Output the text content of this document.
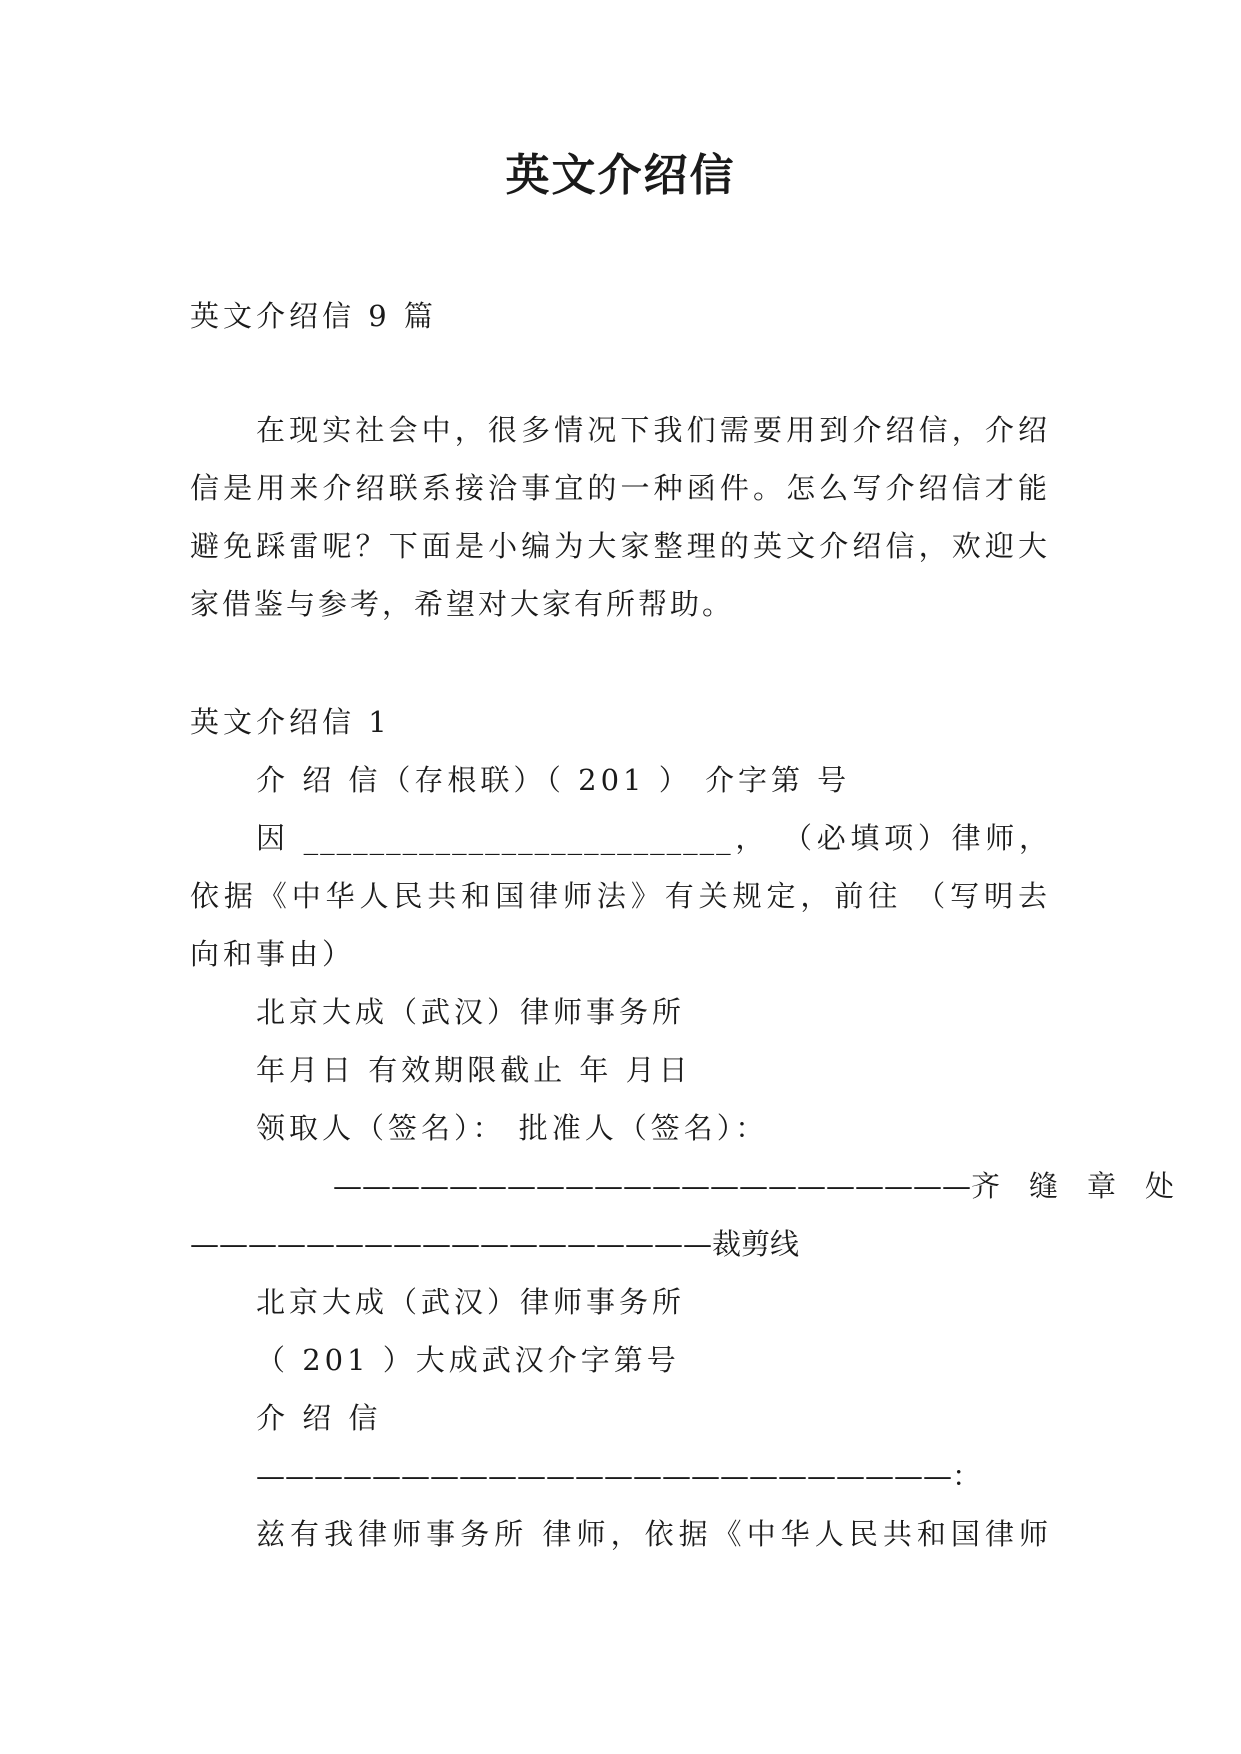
英文介绍信

英文介绍信 9 篇

在现实社会中，很多情况下我们需要用到介绍信，介绍

信是用来介绍联系接洽事宜的一种函件。怎么写介绍信才能

避免踩雷呢？下面是小编为大家整理的英文介绍信，欢迎大

家借鉴与参考，希望对大家有所帮助。

英文介绍信 1

介 绍 信（存根联）（ 201 ） 介字第 号

因 __________________________， （必填项）律师，

依据《中华人民共和国律师法》有关规定，前往 （写明去

向和事由）

北京大成（武汉）律师事务所

年月日 有效期限截止 年 月日

领取人（签名）： 批准人（签名）：

——————————————————————齐　缝　章　处

——————————————————裁剪线

北京大成（武汉）律师事务所

（ 201 ）大成武汉介字第号

介 绍 信

————————————————————————：

兹有我律师事务所 律师，依据《中华人民共和国律师
